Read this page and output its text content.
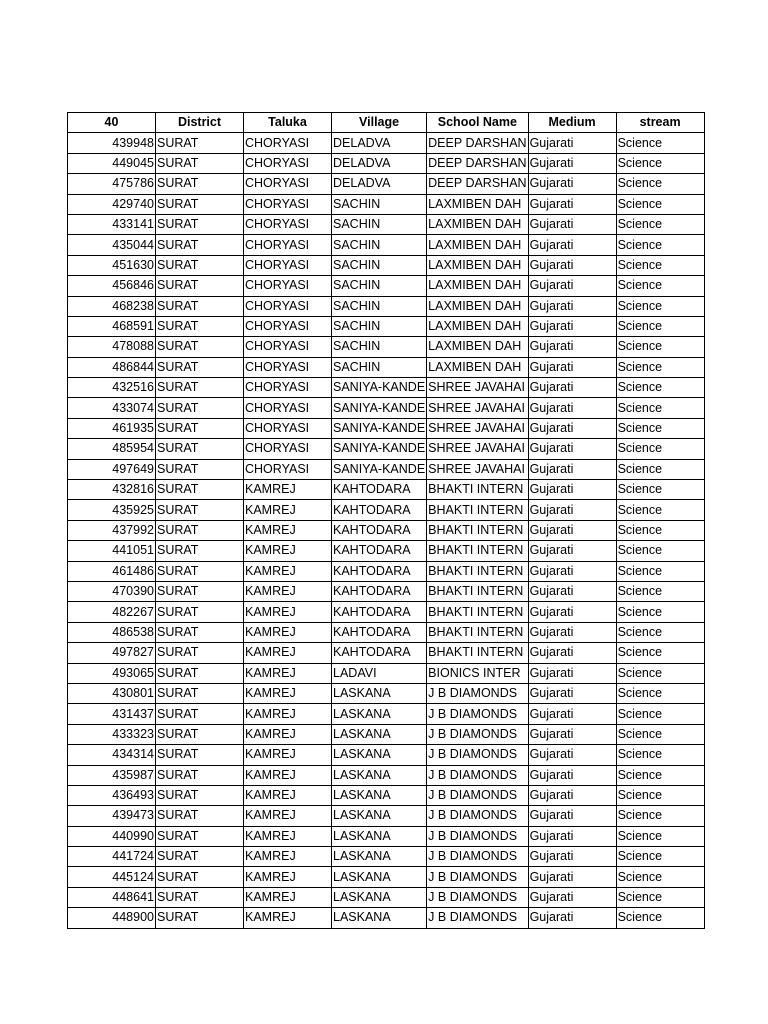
40	District	Taluka	Village	School Name	Medium	stream
439948	SURAT	CHORYASI	DELADVA	DEEP DARSHAN	Gujarati	Science
449045	SURAT	CHORYASI	DELADVA	DEEP DARSHAN	Gujarati	Science
475786	SURAT	CHORYASI	DELADVA	DEEP DARSHAN	Gujarati	Science
429740	SURAT	CHORYASI	SACHIN	LAXMIBEN DAH	Gujarati	Science
433141	SURAT	CHORYASI	SACHIN	LAXMIBEN DAH	Gujarati	Science
435044	SURAT	CHORYASI	SACHIN	LAXMIBEN DAH	Gujarati	Science
451630	SURAT	CHORYASI	SACHIN	LAXMIBEN DAH	Gujarati	Science
456846	SURAT	CHORYASI	SACHIN	LAXMIBEN DAH	Gujarati	Science
468238	SURAT	CHORYASI	SACHIN	LAXMIBEN DAH	Gujarati	Science
468591	SURAT	CHORYASI	SACHIN	LAXMIBEN DAH	Gujarati	Science
478088	SURAT	CHORYASI	SACHIN	LAXMIBEN DAH	Gujarati	Science
486844	SURAT	CHORYASI	SACHIN	LAXMIBEN DAH	Gujarati	Science
432516	SURAT	CHORYASI	SANIYA-KANDE	SHREE JAVAHAI	Gujarati	Science
433074	SURAT	CHORYASI	SANIYA-KANDE	SHREE JAVAHAI	Gujarati	Science
461935	SURAT	CHORYASI	SANIYA-KANDE	SHREE JAVAHAI	Gujarati	Science
485954	SURAT	CHORYASI	SANIYA-KANDE	SHREE JAVAHAI	Gujarati	Science
497649	SURAT	CHORYASI	SANIYA-KANDE	SHREE JAVAHAI	Gujarati	Science
432816	SURAT	KAMREJ	KAHTODARA	BHAKTI INTERN	Gujarati	Science
435925	SURAT	KAMREJ	KAHTODARA	BHAKTI INTERN	Gujarati	Science
437992	SURAT	KAMREJ	KAHTODARA	BHAKTI INTERN	Gujarati	Science
441051	SURAT	KAMREJ	KAHTODARA	BHAKTI INTERN	Gujarati	Science
461486	SURAT	KAMREJ	KAHTODARA	BHAKTI INTERN	Gujarati	Science
470390	SURAT	KAMREJ	KAHTODARA	BHAKTI INTERN	Gujarati	Science
482267	SURAT	KAMREJ	KAHTODARA	BHAKTI INTERN	Gujarati	Science
486538	SURAT	KAMREJ	KAHTODARA	BHAKTI INTERN	Gujarati	Science
497827	SURAT	KAMREJ	KAHTODARA	BHAKTI INTERN	Gujarati	Science
493065	SURAT	KAMREJ	LADAVI	BIONICS INTER	Gujarati	Science
430801	SURAT	KAMREJ	LASKANA	J B DIAMONDS	Gujarati	Science
431437	SURAT	KAMREJ	LASKANA	J B DIAMONDS	Gujarati	Science
433323	SURAT	KAMREJ	LASKANA	J B DIAMONDS	Gujarati	Science
434314	SURAT	KAMREJ	LASKANA	J B DIAMONDS	Gujarati	Science
435987	SURAT	KAMREJ	LASKANA	J B DIAMONDS	Gujarati	Science
436493	SURAT	KAMREJ	LASKANA	J B DIAMONDS	Gujarati	Science
439473	SURAT	KAMREJ	LASKANA	J B DIAMONDS	Gujarati	Science
440990	SURAT	KAMREJ	LASKANA	J B DIAMONDS	Gujarati	Science
441724	SURAT	KAMREJ	LASKANA	J B DIAMONDS	Gujarati	Science
445124	SURAT	KAMREJ	LASKANA	J B DIAMONDS	Gujarati	Science
448641	SURAT	KAMREJ	LASKANA	J B DIAMONDS	Gujarati	Science
448900	SURAT	KAMREJ	LASKANA	J B DIAMONDS	Gujarati	Science
